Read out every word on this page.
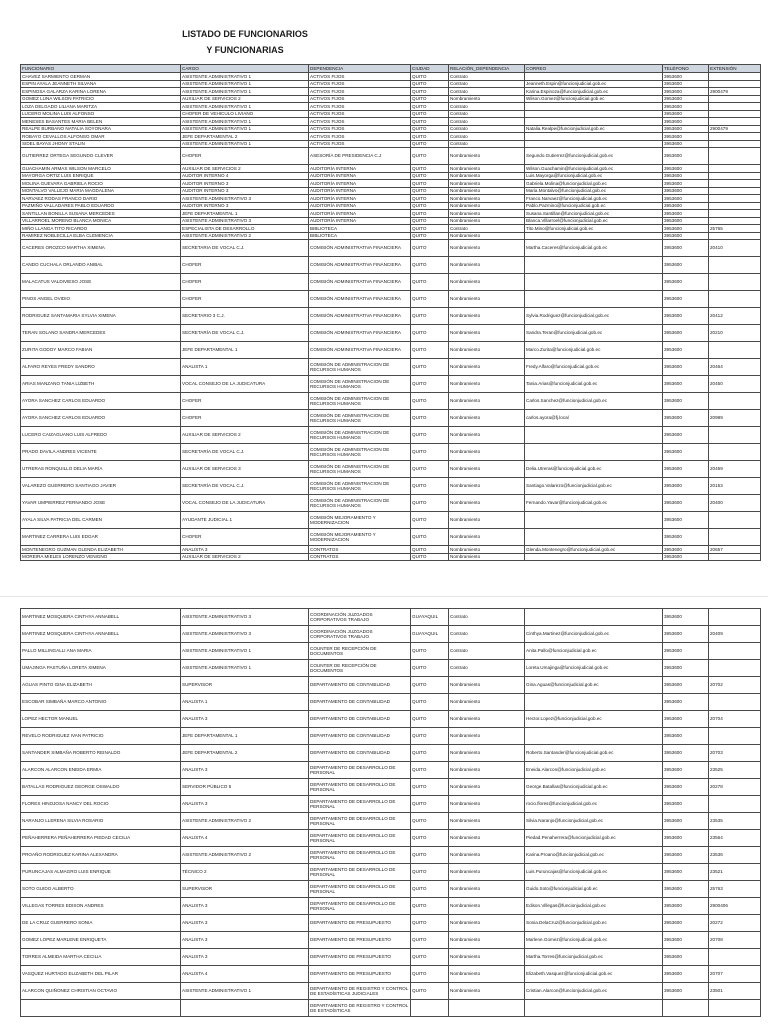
LISTADO DE FUNCIONARIOS
Y FUNCIONARIAS
FUNCIONARIO	CARGO	DEPENDENCIA	CIUDAD	RELACIÓN_DEPENDENCIA	CORREO	TELÉFONO	EXTENSIÓN
CHAVEZ SARMIENTO GERMAN	ASISTENTE ADMINISTRATIVO 1	ACTIVOS FIJOS	QUITO	Contrato		3953600	
ESPIN AYALA JEANNETH SILVANA	ASISTENTE ADMINISTRATIVO 1	ACTIVOS FIJOS	QUITO	Contrato	Jeanneth.Espin@funcionjudicial.gob.ec	3953600	
ESPINOSA GALARZA KARINA LORENA	ASISTENTE ADMINISTRATIVO 1	ACTIVOS FIJOS	QUITO	Contrato	Karina.Espinoza@funcionjudicial.gob.ec	3953600	2900479
GOMEZ LUNA WILSON PATRICIO	AUXILIAR DE SERVICIOS 2	ACTIVOS FIJOS	QUITO	Nombramiento	Wilson.Gomez@funcionjudicial.gob.ec	3953600	
LOZA DELGADO LILIANA MARITZA	ASISTENTE ADMINISTRATIVO 1	ACTIVOS FIJOS	QUITO	Contrato		3953600	
LUCERO MOLINA LUIS ALFONSO	CHOFER DE VEHICULO LIVIANO	ACTIVOS FIJOS	QUITO	Contrato		3953600	
MENESES BASANTES MARIA BELEN	ASISTENTE ADMINISTRATIVO 1	ACTIVOS FIJOS	QUITO	Contrato		3953600	
REALPE BURBANO NATALIA SOYONARA	ASISTENTE ADMINISTRATIVO 1	ACTIVOS FIJOS	QUITO	Contrato	Natalia.Realpe@funcionjudicial.gob.ec	3953600	2900479
ROBAYO CEVALLOS ALFONSO OMAR	JEFE DEPARTAMENTAL 2	ACTIVOS FIJOS	QUITO	Contrato		3953600	
SIDEL BAYAS JHONY STALIN	ASISTENTE ADMINISTRATIVO 1	ACTIVOS FIJOS	QUITO	Contrato		3953600	
GUTIERREZ ORTEGA SEGUNDO CLEVER	CHOFER	ASESORÍA DE PRESIDENCIA C.J	QUITO	Nombramiento	Segundo.Gutierrez@funcionjudicial.gob.ec	3953600	
GUACHAMIN ARMAS WILSON MARCELO	AUXILIAR DE SERVICIOS 2	AUDITORÍA INTERNA	QUITO	Nombramiento	Wilson.Guachamin@funcionjudicial.gob.ec	3953600	
MAYORGA ORTIZ LUIS ENRIQUE	AUDITOR INTERNO 4	AUDITORÍA INTERNA	QUITO	Nombramiento	Luis.Mayorga@funcionjudicial.gob.ec	3953600	
MOLINA GUEVARA GABRIELA ROCIO	AUDITOR INTERNO 3	AUDITORÍA INTERNA	QUITO	Nombramiento	Gabriela.Molina@funcionjudicial.gob.ec	3953600	
MONTALVO VALLEJO MARIA MAGDALENA	AUDITOR INTERNO 3	AUDITORÍA INTERNA	QUITO	Nombramiento	Maria.Montalvo@funcionjudicial.gob.ec	3953600	
NARVAEZ RODAS FRANCO DARIO	ASISTENTE ADMINISTRATIVO 3	AUDITORÍA INTERNA	QUITO	Nombramiento	Franco.Narvaez@funcionjudicial.gob.ec	3953600	
PAZMIÑO VALLADARES PABLO EDUARDO	AUDITOR INTERNO 3	AUDITORÍA INTERNA	QUITO	Nombramiento	Pablo.Pazmino@funcionjudicial.gob.ec	3953600	
SANTILLAN BONILLA SUSANA MERCEDES	JEFE DEPARTAMENTAL 1	AUDITORÍA INTERNA	QUITO	Nombramiento	Susana.Santillan@funcionjudicial.gob.ec	3953600	
VILLARROEL MORENO BLANCA MONICA	ASISTENTE ADMINISTRATIVO 3	AUDITORÍA INTERNA	QUITO	Nombramiento	Blanca.Villarroel@funcionjudicial.gob.ec	3953600	
MIÑO LLANGA TITO RICARDO	ESPECIALISTA DE DESARROLLO	BIBLIOTECA	QUITO	Contrato	Tito.Mino@funcionjudicial.gob.ec	3953600	25765
RAMIREZ NOBLECILLA ELBA CLEMENCIA	ASISTENTE ADMINISTRATIVO 2	BIBLIOTECA	QUITO	Nombramiento		3953600	
CACERES OROZCO MARTHA XIMENA	SECRETARIA DE VOCAL C.J.	COMISIÓN ADMINISTRATIVA FINANCIERA	QUITO	Nombramiento	Martha.Caceres@funcionjudicial.gob.ec	3953600	20410
CANDO CUCHALA ORLANDO ANIBAL	CHOFER	COMISIÓN ADMINISTRATIVA FINANCIERA	QUITO	Nombramiento		3953600	
MALACATUS VALDIVIESO JOSE	CHOFER	COMISIÓN ADMINISTRATIVA FINANCIERA	QUITO	Nombramiento		3953600	
PINOS ANGEL OVIDIO	CHOFER	COMISIÓN ADMINISTRATIVA FINANCIERA	QUITO	Nombramiento		3953600	
RODRIGUEZ SANTAMARIA SYLVIA XIMENA	SECRETARIO 3 C.J.	COMISIÓN ADMINISTRATIVA FINANCIERA	QUITO	Nombramiento	Sylvia.Rodriguez@funcionjudicial.gob.ec	3953600	20412
TERAN SOLANO SANDRA MERCEDES	SECRETARÍA DE VOCAL C.J.	COMISIÓN ADMINISTRATIVA FINANCIERA	QUITO	Nombramiento	Sandra.Teran@funcionjudicial.gob.ec	3953600	20210
ZURITA GODOY MARCO FABIAN	JEFE DEPARTAMENTAL 1	COMISIÓN ADMINISTRATIVA FINANCIERA	QUITO	Nombramiento	Marco.Zurita@funcionjudicial.gob.ec	3953600	
ALFARO REYES FREDY SANDRO	ANALISTA 1	COMISIÓN DE ADMINISTRACION DE RECURSOS HUMANOS	QUITO	Nombramiento	Fredy.Alfaro@funcionjudicial.gob.ec	3953600	20464
ARIAS MANZANO TANIA LIZBETH	VOCAL CONSEJO DE LA JUDICATURA	COMISIÓN DE ADMINISTRACION DE RECURSOS HUMANOS	QUITO	Nombramiento	Tania.Arias@funcionjudicial.gob.ec	3953600	20450
AYORA SANCHEZ CARLOS EDUARDO	CHOFER	COMISIÓN DE ADMINISTRACION DE RECURSOS HUMANOS	QUITO	Nombramiento	Carlos.Sanchez@funcionjudicial.gob.ec	3953600	
AYORA SANCHEZ CARLOS EDUARDO	CHOFER	COMISIÓN DE ADMINISTRACION DE RECURSOS HUMANOS	QUITO	Nombramiento	carlos.ayora@fj.local	3953600	20999
LUCERO CAIZAGUANO LUIS ALFREDO	AUXILIAR DE SERVICIOS 2	COMISIÓN DE ADMINISTRACION DE RECURSOS HUMANOS	QUITO	Nombramiento		3953600	
PRADO DAVILA ANDRES VICENTE	SECRETARÍA DE VOCAL C.J.	COMISIÓN DE ADMINISTRACION DE RECURSOS HUMANOS	QUITO	Nombramiento		3953600	
UTRERAS RONQUILLO DELIA MARÍA	AUXILIAR DE SERVICIOS 3	COMISIÓN DE ADMINISTRACION DE RECURSOS HUMANOS	QUITO	Nombramiento	Delia.Utreras@funcionjudicial.gob.ec	3953600	20459
VALAREZO GUERRERO SANTIAGO JAVIER	SECRETARÍA DE VOCAL C.J.	COMISIÓN DE ADMINISTRACION DE RECURSOS HUMANOS	QUITO	Nombramiento	Santiago.Valarezo@funcionjudicial.gob.ec	3953600	20153
YAVAR UMPIERREZ FERNANDO JOSE	VOCAL CONSEJO DE LA JUDICATURA	COMISIÓN DE ADMINISTRACION DE RECURSOS HUMANOS	QUITO	Nombramiento	Fernando.Yavar@funcionjudicial.gob.ec	3953600	20400
AYALA SILVA PATRICIA DEL CARMEN	AYUDANTE JUDICIAL 1	COMISIÓN MEJORAMIENTO Y MODERNIZACION	QUITO	Nombramiento		3953600	
MARTINEZ CARRERA LUIS EDGAR	CHOFER	COMISIÓN MEJORAMIENTO Y MODERNIZACION	QUITO	Nombramiento		3953600	
MONTENEGRO GUZMAN GLENDA ELIZABETH	ANALISTA 3	CONTRATOS	QUITO	Nombramiento	Glenda.Montenegro@funcionjudicial.gob.ec	3953600	20657
MOREIRA MIELES LORENZO VENIGNO	AUXILIAR DE SERVICIOS 2	CONTRATOS	QUITO	Nombramiento		3953600	
MARTINEZ MOSQUERA CINTHYA ANNABELL	ASISTENTE ADMINISTRATIVO 3	COORDINACIÓN JUZGADOS CORPORATIVOS TRABAJO	GUAYAQUIL	Contrato		3953600	
MARTINEZ MOSQUERA CINTHYA ANNABELL	ASISTENTE ADMINISTRATIVO 3	COORDINACIÓN JUZGADOS CORPORATIVOS TRABAJO	GUAYAQUIL	Contrato	Cinthya.Martinez@funcionjudicial.gob.ec	3953600	20409
PALLO MILLINGALLI ANA MARIA	ASISTENTE ADMINISTRATIVO 1	COUNTER DE RECEPCIÓN DE DOCUMENTOS	QUITO	Contrato	Anita.Pallo@funcionjudicial.gob.ec	3953600	
UMAJINGA PASTUÑA LORETA XIMENA	ASISTENTE ADMINISTRATIVO 1	COUNTER DE RECEPCIÓN DE DOCUMENTOS	QUITO	Contrato	Loreta.Umajinga@funcionjudicial.gob.ec	3953600	
AGUAS PINTO GINA ELIZABETH	SUPERVISOR	DEPARTAMENTO DE CONTABILIDAD	QUITO	Nombramiento	Gina.Aguas@funcionjudicial.gob.ec	3953600	20702
ESCOBAR SIMBAÑA MARCO ANTONIO	ANALISTA 1	DEPARTAMENTO DE CONTABILIDAD	QUITO	Nombramiento		3953600	
LOPEZ HECTOR MANUEL	ANALISTA 3	DEPARTAMENTO DE CONTABILIDAD	QUITO	Nombramiento	Hector.Lopez@funcionjudicial.gob.ec	3953600	20704
REVELO RODRIGUEZ IVAN PATRICIO	JEFE DEPARTAMENTAL 1	DEPARTAMENTO DE CONTABILIDAD	QUITO	Nombramiento		3953600	
SANTANDER SIMBAÑA ROBERTO REINALDO	JEFE DEPARTAMENTAL 2	DEPARTAMENTO DE CONTABILIDAD	QUITO	Nombramiento	Roberto.Santander@funcionjudicial.gob.ec	3953600	20703
ALARCON ALARCON ENEIDA ERMIA	ANALISTA 3	DEPARTAMENTO DE DESARROLLO DE PERSONAL	QUITO	Nombramiento	Eneida.Alarcon@funcionjudicial.gob.ec	3953600	23525
BATALLAS RODRIGUEZ GEORGE OSWALDO	SERVIDOR PÚBLICO 5	DEPARTAMENTO DE DESARROLLO DE PERSONAL	QUITO	Nombramiento	George.Batallas@funcionjudicial.gob.ec	3953600	20278
FLORES HINOJOSA NANCY DEL ROCIO	ANALISTA 3	DEPARTAMENTO DE DESARROLLO DE PERSONAL	QUITO	Nombramiento	rocio.flores@funcionjudicial.gob.ec	3953600	
NARANJO LLERENA SILVIA ROSARIO	ASISTENTE ADMINISTRATIVO 2	DEPARTAMENTO DE DESARROLLO DE PERSONAL	QUITO	Nombramiento	Silvia.Naranjo@funcionjudicial.gob.ec	3953600	23535
PEÑAHERRERA PEÑAHERRERA PIEDAD CECILIA	ANALISTA 4	DEPARTAMENTO DE DESARROLLO DE PERSONAL	QUITO	Nombramiento	Piedad.Penaherrera@funcionjudicial.gob.ec	3953600	23564
PROAÑO RODRIGUEZ KARINA ALEXANDRA	ASISTENTE ADMINISTRATIVO 2	DEPARTAMENTO DE DESARROLLO DE PERSONAL	QUITO	Nombramiento	Karina.Proano@funcionjudicial.gob.ec	3953600	23536
PURUNCAJAS ALMAGRO LUIS ENRIQUE	TÉCNICO 2	DEPARTAMENTO DE DESARROLLO DE PERSONAL	QUITO	Nombramiento	Luis.Puruncajas@funcionjudicial.gob.ec	3953600	23521
SOTO GUIDO ALBERTO	SUPERVISOR	DEPARTAMENTO DE DESARROLLO DE PERSONAL	QUITO	Nombramiento	Guido.Soto@funcionjudicial.gob.ec	3953600	25763
VILLEGAS TORRES EDISON ANDRES	ANALISTA 3	DEPARTAMENTO DE DESARROLLO DE PERSONAL	QUITO	Nombramiento	Edison.Villegas@funcionjudicial.gob.ec	3953600	2900406
DE LA CRUZ GUERRERO SONIA	ANALISTA 3	DEPARTAMENTO DE PRESUPUESTO	QUITO	Nombramiento	Sonia.DelaCruz@funcionjudicial.gob.ec	3953600	20272
GOMEZ LOPEZ MARLENE ENRIQUETA	ANALISTA 3	DEPARTAMENTO DE PRESUPUESTO	QUITO	Nombramiento	Marlene.Gomez@funcionjudicial.gob.ec	3953600	20708
TORRES ALMEIDA MARTHA CECILIA	ANALISTA 3	DEPARTAMENTO DE PRESUPUESTO	QUITO	Nombramiento	Martha.Torres@funcionjudicial.gob.ec	3953600	
VASQUEZ HURTADO ELIZABETH DEL PILAR	ANALISTA 4	DEPARTAMENTO DE PRESUPUESTO	QUITO	Nombramiento	Elizabeth.Vasquez@funcionjudicial.gob.ec	3953600	20707
ALARCON QUIÑONEZ CHRISTIAN OCTAVIO	ASISTENTE ADMINISTRATIVO 1	DEPARTAMENTO DE REGISTRO Y CONTROL DE ESTADÍSTICAS JUDICIALES	QUITO	Nombramiento	Cristian.Alarcon@funcionjudicial.gob.ec	3953600	23501
		DEPARTAMENTO DE REGISTRO Y CONTROL DE ESTADÍSTICAS					
